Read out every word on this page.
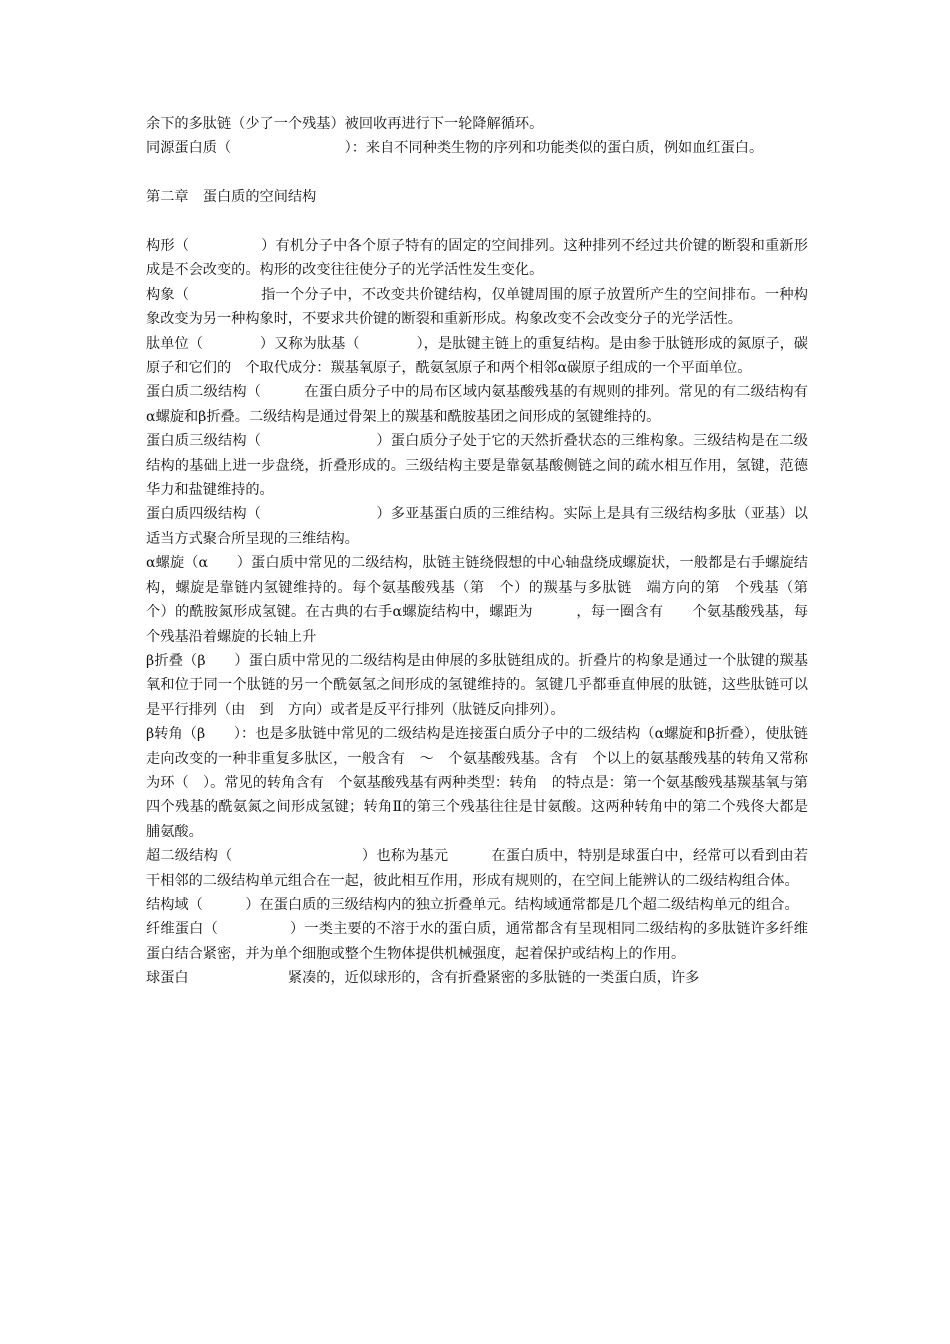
余下的多肽链（少了一个残基）被回收再进行下一轮降解循环。

同源蛋白质（　　　　　　　　）：来自不同种类生物的序列和功能类似的蛋白质，例如血红蛋白。

第二章　蛋白质的空间结构

构形（　　　　　）有机分子中各个原子特有的固定的空间排列。这种排列不经过共价键的断裂和重新形成是不会改变的。构形的改变往往使分子的光学活性发生变化。

构象（　　　　　指一个分子中，不改变共价键结构，仅单键周围的原子放置所产生的空间排布。一种构象改变为另一种构象时，不要求共价键的断裂和重新形成。构象改变不会改变分子的光学活性。

肽单位（　　　　）又称为肽基（　　　　），是肽键主链上的重复结构。是由参于肽链形成的氮原子，碳原子和它们的　个取代成分：羰基氧原子，酰氨氢原子和两个相邻α碳原子组成的一个平面单位。

蛋白质二级结构（　　　在蛋白质分子中的局布区域内氨基酸残基的有规则的排列。常见的有二级结构有α螺旋和β折叠。二级结构是通过骨架上的羰基和酰胺基团之间形成的氢键维持的。

蛋白质三级结构（　　　　　　　　）蛋白质分子处于它的天然折叠状态的三维构象。三级结构是在二级结构的基础上进一步盘绕，折叠形成的。三级结构主要是靠氨基酸侧链之间的疏水相互作用，氢键，范德华力和盐键维持的。

蛋白质四级结构（　　　　　　　　）多亚基蛋白质的三维结构。实际上是具有三级结构多肽（亚基）以适当方式聚合所呈现的三维结构。

α螺旋（α　　）蛋白质中常见的二级结构，肽链主链绕假想的中心轴盘绕成螺旋状，一般都是右手螺旋结构，螺旋是靠链内氢键维持的。每个氨基酸残基（第　个）的羰基与多肽链　端方向的第　个残基（第　　个）的酰胺氮形成氢键。在古典的右手α螺旋结构中，螺距为　　　，每一圈含有　　个氨基酸残基，每个残基沿着螺旋的长轴上升

β折叠（β　　）蛋白质中常见的二级结构是由伸展的多肽链组成的。折叠片的构象是通过一个肽键的羰基氧和位于同一个肽链的另一个酰氨氢之间形成的氢键维持的。氢键几乎都垂直伸展的肽链，这些肽链可以是平行排列（由　到　方向）或者是反平行排列（肽链反向排列）。

β转角（β　　）：也是多肽链中常见的二级结构是连接蛋白质分子中的二级结构（α螺旋和β折叠），使肽链走向改变的一种非重复多肽区，一般含有　～　个氨基酸残基。含有　个以上的氨基酸残基的转角又常称为环（　）。常见的转角含有　个氨基酸残基有两种类型：转角　的特点是：第一个氨基酸残基羰基氧与第四个残基的酰氨氮之间形成氢键；转角Ⅱ的第三个残基往往是甘氨酸。这两种转角中的第二个残佟大都是脯氨酸。

超二级结构（　　　　　　　　　）也称为基元　　　在蛋白质中，特别是球蛋白中，经常可以看到由若干相邻的二级结构单元组合在一起，彼此相互作用，形成有规则的，在空间上能辨认的二级结构组合体。

结构域（　　　）在蛋白质的三级结构内的独立折叠单元。结构域通常都是几个超二级结构单元的组合。

纤维蛋白（　　　　　）一类主要的不溶于水的蛋白质，通常都含有呈现相同二级结构的多肽链许多纤维蛋白结合紧密，并为单个细胞或整个生物体提供机械强度，起着保护或结构上的作用。

球蛋白　　　　　　　紧凑的，近似球形的，含有折叠紧密的多肽链的一类蛋白质，许多
